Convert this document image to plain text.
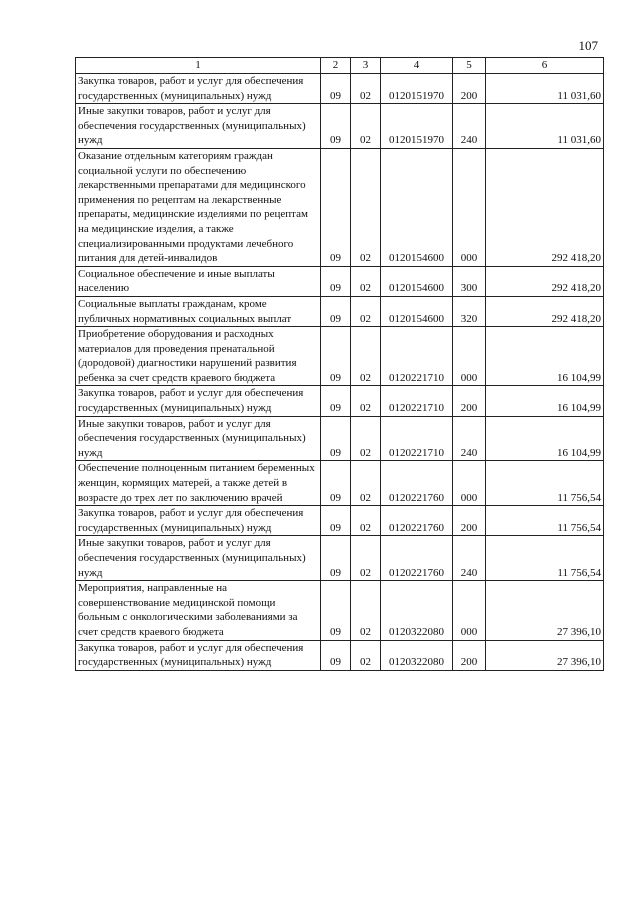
107
1	2	3	4	5	6
Закупка товаров, работ и услуг для обеспечения государственных (муниципальных) нужд	09	02	0120151970	200	11 031,60
Иные закупки товаров, работ и услуг для обеспечения государственных (муниципальных) нужд	09	02	0120151970	240	11 031,60
Оказание отдельным категориям граждан социальной услуги по обеспечению лекарственными препаратами для медицинского применения по рецептам на лекарственные препараты, медицинские изделиями по рецептам на медицинские изделия, а также специализированными продуктами лечебного питания для детей-инвалидов	09	02	0120154600	000	292 418,20
Социальное обеспечение и иные выплаты населению	09	02	0120154600	300	292 418,20
Социальные выплаты гражданам, кроме публичных нормативных социальных выплат	09	02	0120154600	320	292 418,20
Приобретение оборудования и расходных материалов для проведения пренатальной (дородовой) диагностики нарушений развития ребенка за счет средств краевого бюджета	09	02	0120221710	000	16 104,99
Закупка товаров, работ и услуг для обеспечения государственных (муниципальных) нужд	09	02	0120221710	200	16 104,99
Иные закупки товаров, работ и услуг для обеспечения государственных (муниципальных) нужд	09	02	0120221710	240	16 104,99
Обеспечение полноценным питанием беременных женщин, кормящих матерей, а также детей в возрасте до трех лет по заключению врачей	09	02	0120221760	000	11 756,54
Закупка товаров, работ и услуг для обеспечения государственных (муниципальных) нужд	09	02	0120221760	200	11 756,54
Иные закупки товаров, работ и услуг для обеспечения государственных (муниципальных) нужд	09	02	0120221760	240	11 756,54
Мероприятия, направленные на совершенствование медицинской помощи больным с онкологическими заболеваниями за счет средств краевого бюджета	09	02	0120322080	000	27 396,10
Закупка товаров, работ и услуг для обеспечения государственных (муниципальных) нужд	09	02	0120322080	200	27 396,10
